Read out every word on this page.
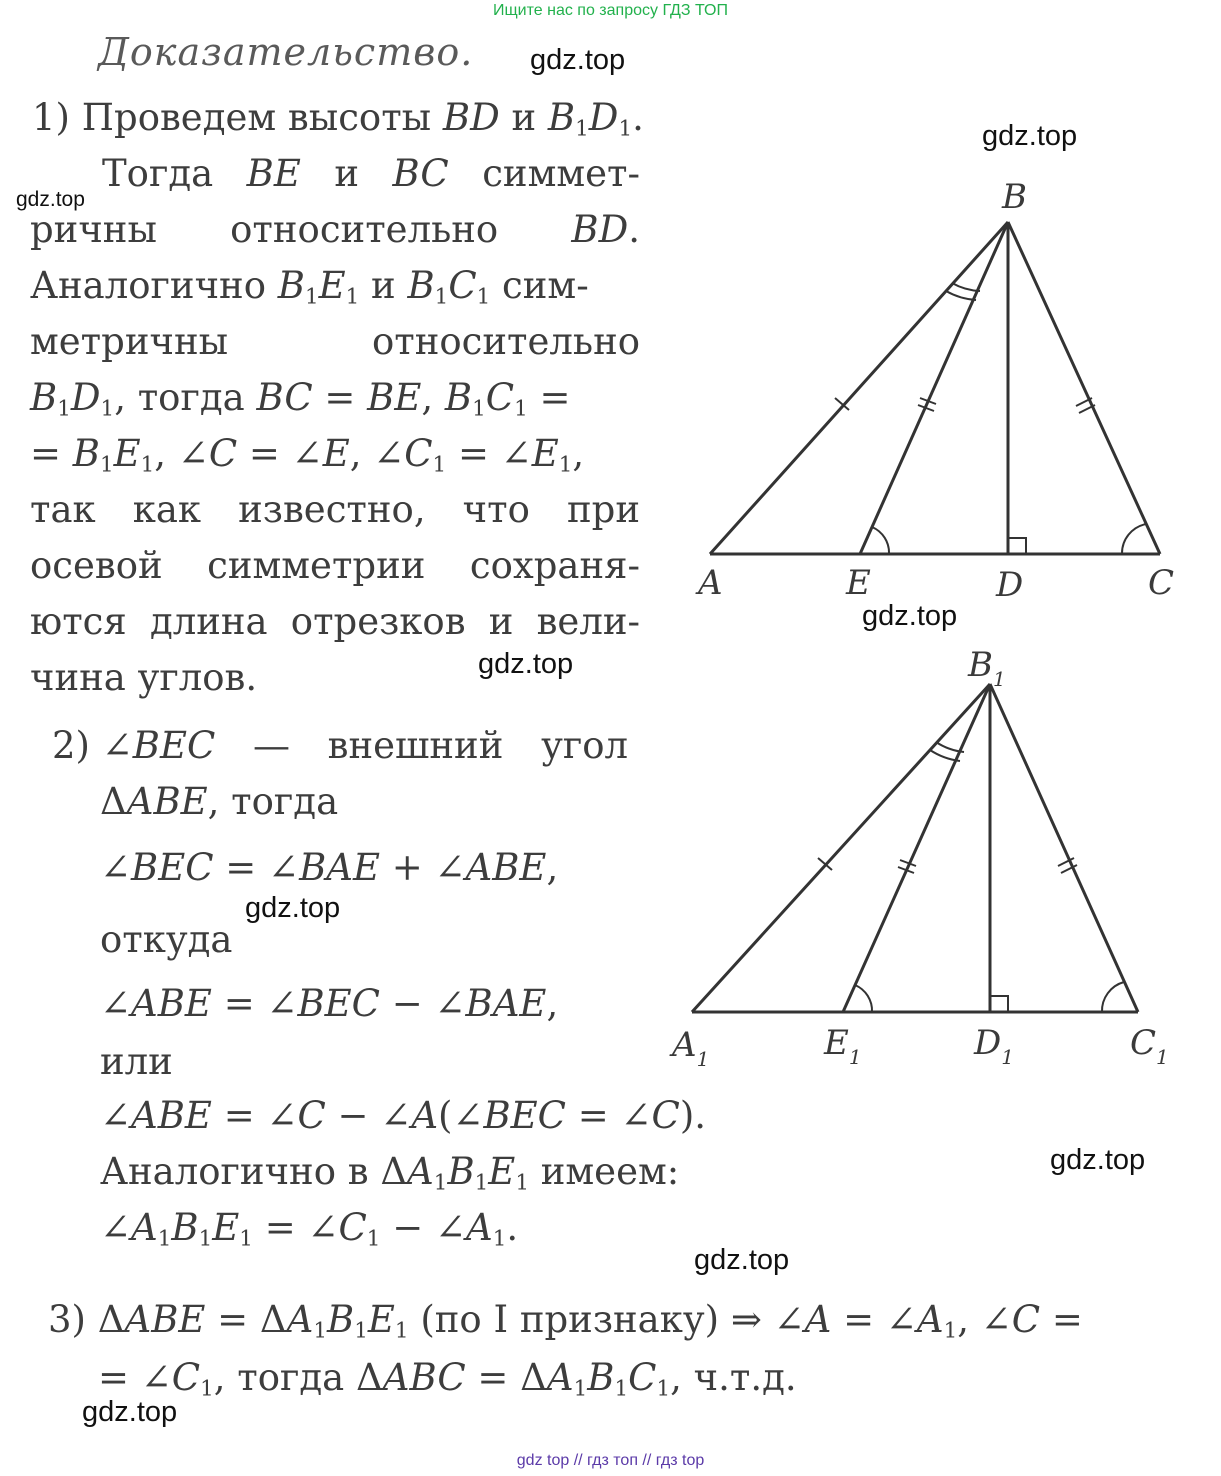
Ищите нас по запросу ГДЗ ТОП
gdz.top
gdz.top
gdz.top
gdz.top
gdz.top
gdz.top
gdz.top
gdz.top
gdz.top
Доказательство.
1) Проведем высоты BD и $B_1D_1$.
Тогда BE и BC симмет-
ричны относительно BD.
Аналогично $B_1E_1$ и $B_1C_1$ сим-
метричны	относительно
$B_1D_1$, тогда BC = BE, $B_1C_1$ =
= $B_1E_1$, ∠C = ∠E, $\angle C_1$ = $\angle E_1$,
так как известно, что при
осевой симметрии сохраня-
ются длина отрезков и вели-
чина углов.
2) ∠BEC — внешний угол
ΔABE, тогда
∠BEC = ∠BAE + ∠ABE,
откуда
∠ABE = ∠BEC − ∠BAE,
или
∠ABE = ∠C − ∠A(∠BEC = ∠C).
Аналогично в $\Delta A_1B_1E_1$ имеем:
$\angle A_1B_1E_1$ = $\angle C_1$ − $\angle A_1$.
3) $\Delta ABE = \Delta A_1B_1E_1$ (по I признаку) ⇒ ∠A = $\angle A_1$, ∠C =
= $\angle C_1$, тогда $\Delta ABC = \Delta A_1B_1C_1$, ч.т.д.
B
A	E	D	C
$B_1$
$A_1$	$E_1$	$D_1$	$C_1$
gdz top // гдз топ // гдз top
